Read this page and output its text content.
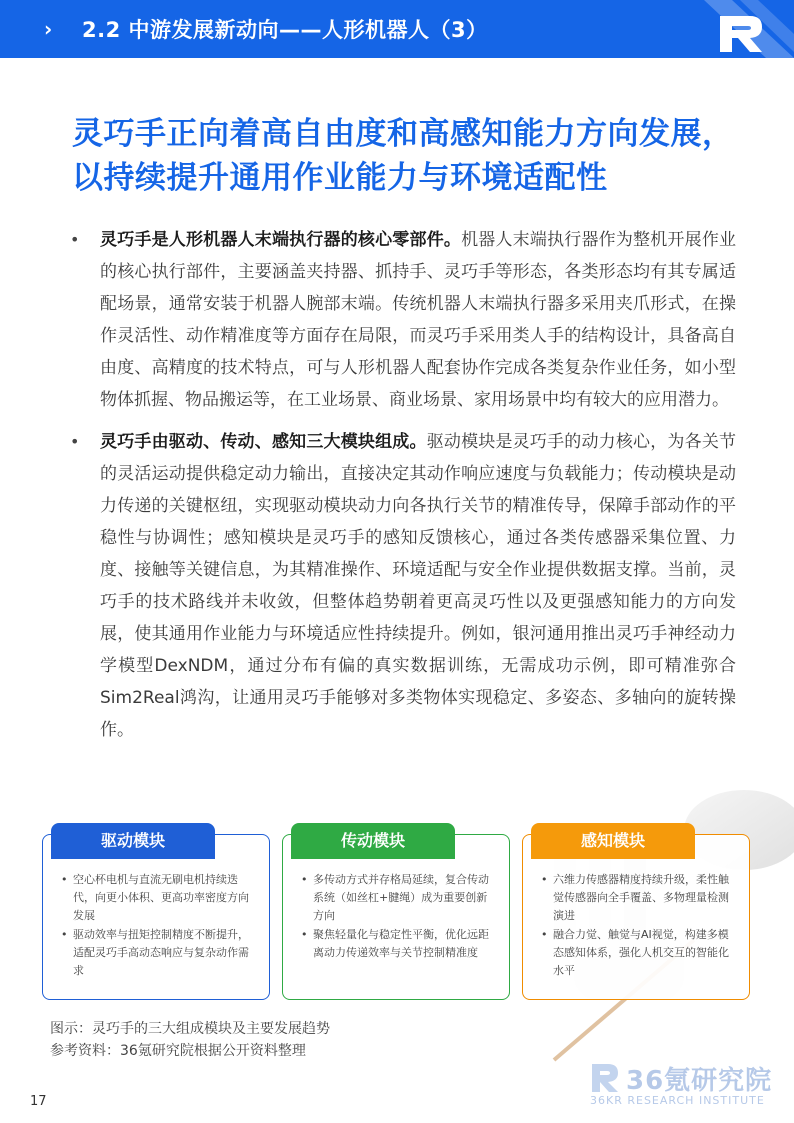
› 2.2 中游发展新动向——人形机器人（3）
灵巧手正向着高自由度和高感知能力方向发展，
以持续提升通用作业能力与环境适配性
• 灵巧手是人形机器人末端执行器的核心零部件。机器人末端执行器作为整机开展作业的核心执行部件，主要涵盖夹持器、抓持手、灵巧手等形态，各类形态均有其专属适配场景，通常安装于机器人腕部末端。传统机器人末端执行器多采用夹爪形式，在操作灵活性、动作精准度等方面存在局限，而灵巧手采用类人手的结构设计，具备高自由度、高精度的技术特点，可与人形机器人配套协作完成各类复杂作业任务，如小型物体抓握、物品搬运等，在工业场景、商业场景、家用场景中均有较大的应用潜力。

• 灵巧手由驱动、传动、感知三大模块组成。驱动模块是灵巧手的动力核心，为各关节的灵活运动提供稳定动力输出，直接决定其动作响应速度与负载能力；传动模块是动力传递的关键枢纽，实现驱动模块动力向各执行关节的精准传导，保障手部动作的平稳性与协调性；感知模块是灵巧手的感知反馈核心，通过各类传感器采集位置、力度、接触等关键信息，为其精准操作、环境适配与安全作业提供数据支撑。当前，灵巧手的技术路线并未收敛，但整体趋势朝着更高灵巧性以及更强感知能力的方向发展，使其通用作业能力与环境适应性持续提升。例如，银河通用推出灵巧手神经动力学模型DexNDM，通过分布有偏的真实数据训练，无需成功示例，即可精准弥合Sim2Real鸿沟，让通用灵巧手能够对多类物体实现稳定、多姿态、多轴向的旋转操作。

驱动模块
• 空心杯电机与直流无刷电机持续迭代，向更小体积、更高功率密度方向发展
• 驱动效率与扭矩控制精度不断提升，适配灵巧手高动态响应与复杂动作需求
传动模块
• 多传动方式并存格局延续，复合传动系统（如丝杠+腱绳）成为重要创新方向
• 聚焦轻量化与稳定性平衡，优化远距离动力传递效率与关节控制精准度
感知模块
• 六维力传感器精度持续升级，柔性触觉传感器向全手覆盖、多物理量检测演进
• 融合力觉、触觉与AI视觉，构建多模态感知体系，强化人机交互的智能化水平
图示：灵巧手的三大组成模块及主要发展趋势
参考资料：36氪研究院根据公开资料整理
36氪研究院
36KR RESEARCH INSTITUTE
17
